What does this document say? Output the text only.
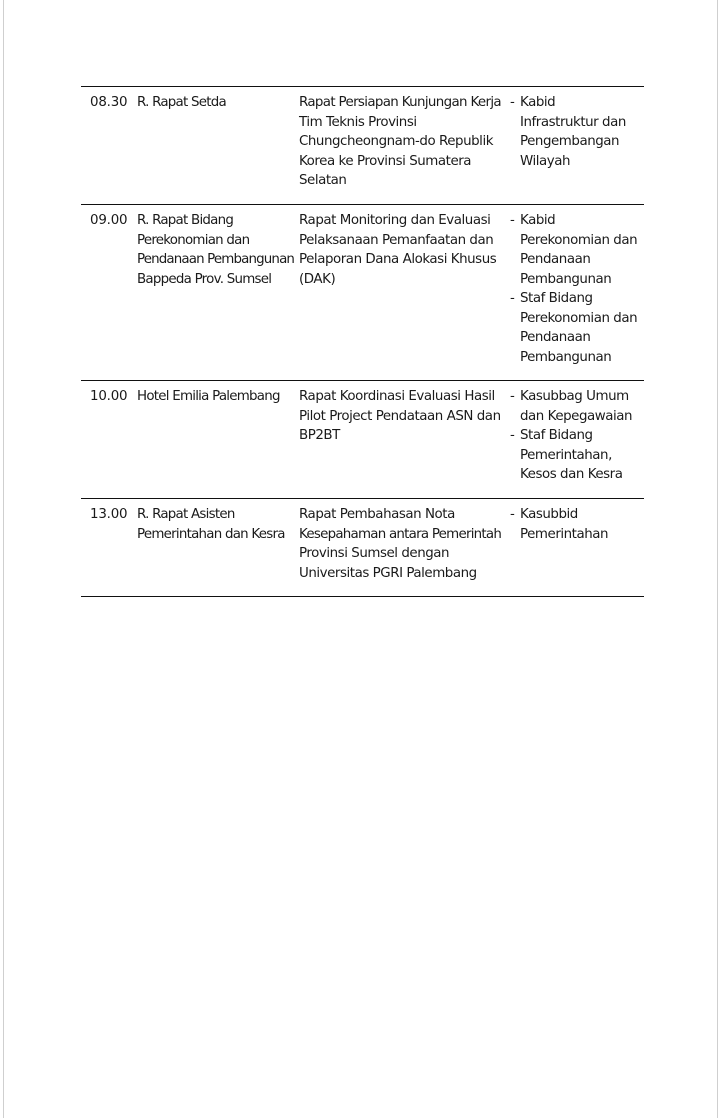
08.30 R. Rapat Setda	Rapat Persiapan Kunjungan Kerja
Tim Teknis Provinsi
Chungcheongnam-do Republik
Korea ke Provinsi Sumatera
Selatan
- Kabid
Infrastruktur dan
Pengembangan
Wilayah
09.00 R. Rapat Bidang
Perekonomian dan
Pendanaan Pembangunan
Bappeda Prov. Sumsel
Rapat Monitoring dan Evaluasi
Pelaksanaan Pemanfaatan dan
Pelaporan Dana Alokasi Khusus
(DAK)
- Kabid
Perekonomian dan
Pendanaan
Pembangunan
- Staf Bidang
Perekonomian dan
Pendanaan
Pembangunan
10.00 Hotel Emilia Palembang	Rapat Koordinasi Evaluasi Hasil
Pilot Project Pendataan ASN dan
BP2BT
- Kasubbag Umum
dan Kepegawaian
- Staf Bidang
Pemerintahan,
Kesos dan Kesra
13.00 R. Rapat Asisten
Pemerintahan dan Kesra
Rapat Pembahasan Nota
Kesepahaman antara Pemerintah
Provinsi Sumsel dengan
Universitas PGRI Palembang
- Kasubbid
Pemerintahan
